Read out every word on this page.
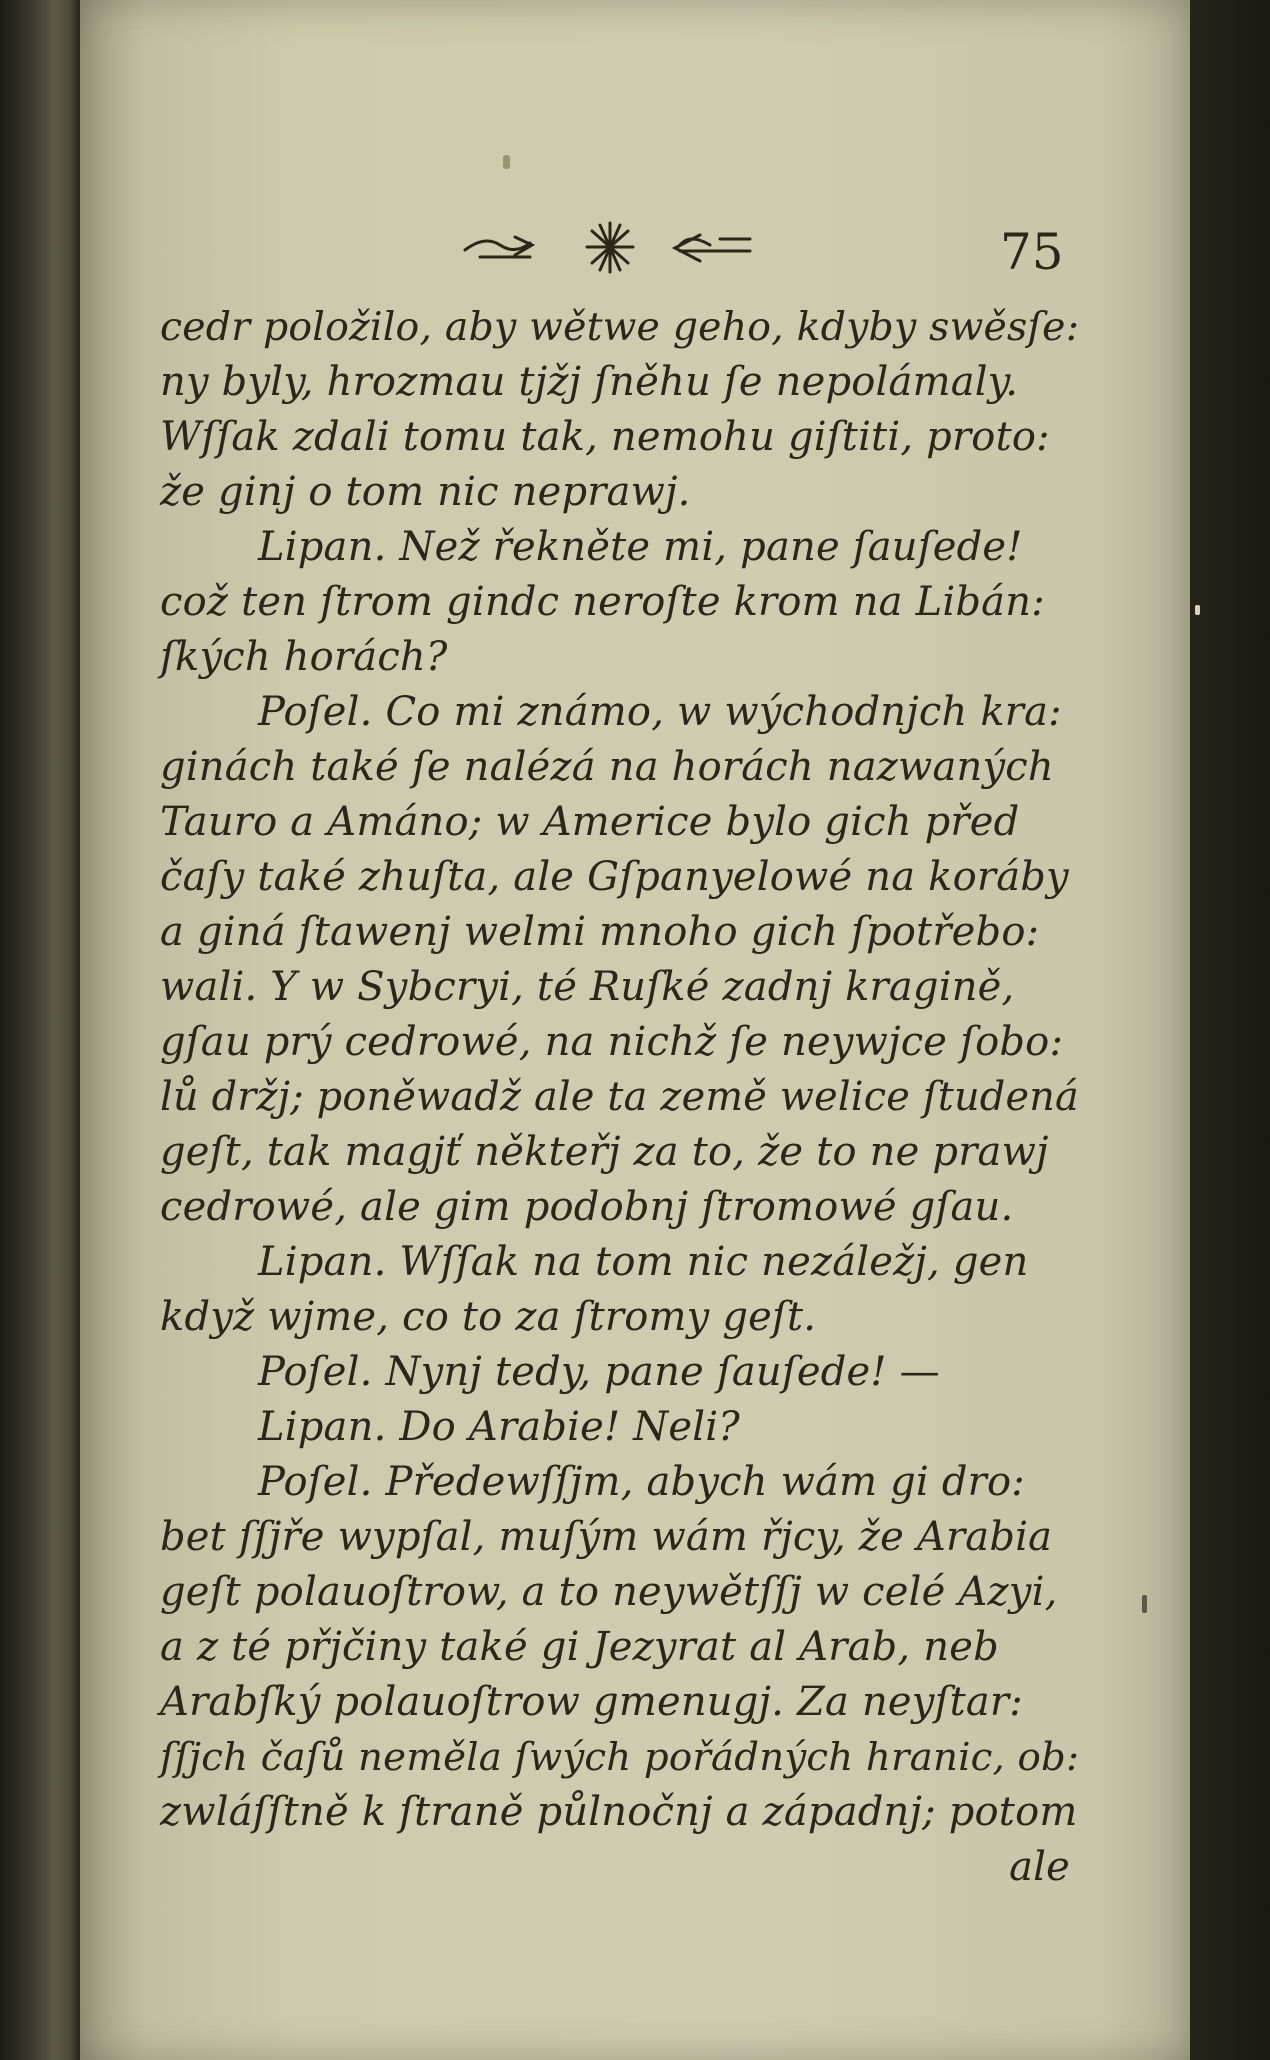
75
cedr položilo, aby wětwe geho, kdyby swěsſe:
ny byly, hrozmau tjžj ſněhu ſe nepolámaly.
Wſſak zdali tomu tak, nemohu giſtiti, proto:
že ginj o tom nic neprawj.
Lipan. Než řekněte mi, pane ſauſede!
což ten ſtrom gindc neroſte krom na Libán:
ſkých horách?
Poſel. Co mi známo, w wýchodnjch kra:
ginách také ſe nalézá na horách nazwaných
Tauro a Amáno; w Americe bylo gich před
čaſy také zhuſta, ale Gſpanyelowé na koráby
a giná ſtawenj welmi mnoho gich ſpotřebo:
wali. Y w Sybcryi, té Ruſké zadnj kragině,
gſau prý cedrowé, na nichž ſe neywjce ſobo:
lů držj; poněwadž ale ta země welice ſtudená
geſt, tak magjť někteřj za to, že to ne prawj
cedrowé, ale gim podobnj ſtromowé gſau.
Lipan. Wſſak na tom nic nezáležj, gen
když wjme, co to za ſtromy geſt.
Poſel. Nynj tedy, pane ſauſede! —
Lipan. Do Arabie! Neli?
Poſel. Předewſſjm, abych wám gi dro:
bet ſſjře wypſal, muſým wám řjcy, že Arabia
geſt polauoſtrow, a to neywětſſj w celé Azyi,
a z té přjčiny také gi Jezyrat al Arab, neb
Arabſký polauoſtrow gmenugj. Za neyſtar:
ſſjch čaſů neměla ſwých pořádných hranic, ob:
zwláſſtně k ſtraně půlnočnj a západnj; potom
ale
